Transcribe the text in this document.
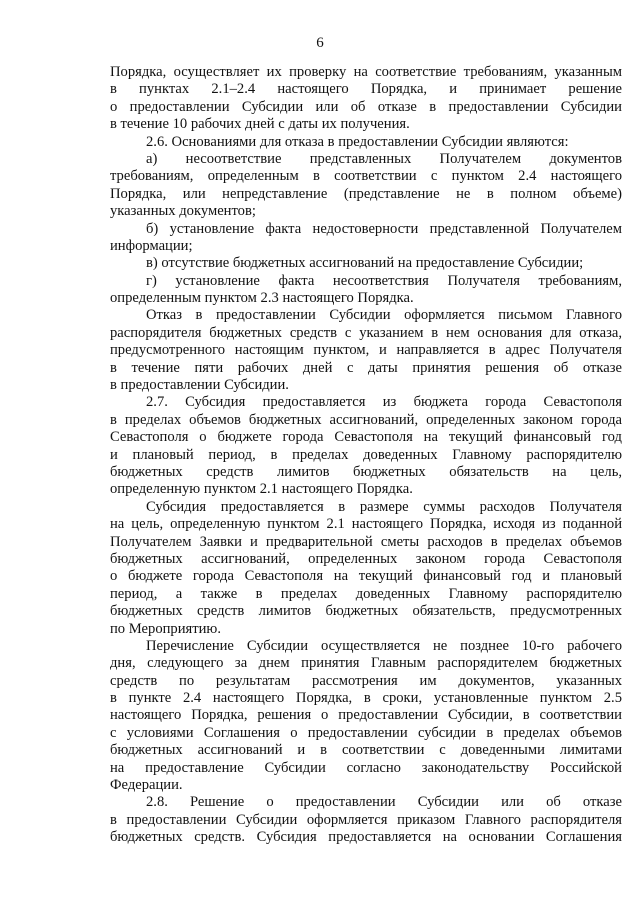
6
Порядка, осуществляет их проверку на соответствие требованиям, указанным
в пунктах 2.1–2.4 настоящего Порядка, и принимает решение
о предоставлении Субсидии или об отказе в предоставлении Субсидии
в течение 10 рабочих дней с даты их получения.
2.6. Основаниями для отказа в предоставлении Субсидии являются:
а) несоответствие представленных Получателем документов
требованиям, определенным в соответствии с пунктом 2.4 настоящего
Порядка, или непредставление (представление не в полном объеме)
указанных документов;
б) установление факта недостоверности представленной Получателем
информации;
в) отсутствие бюджетных ассигнований на предоставление Субсидии;
г) установление факта несоответствия Получателя требованиям,
определенным пунктом 2.3 настоящего Порядка.
Отказ в предоставлении Субсидии оформляется письмом Главного
распорядителя бюджетных средств с указанием в нем основания для отказа,
предусмотренного настоящим пунктом, и направляется в адрес Получателя
в течение пяти рабочих дней с даты принятия решения об отказе
в предоставлении Субсидии.
2.7. Субсидия предоставляется из бюджета города Севастополя
в пределах объемов бюджетных ассигнований, определенных законом города
Севастополя о бюджете города Севастополя на текущий финансовый год
и плановый период, в пределах доведенных Главному распорядителю
бюджетных средств лимитов бюджетных обязательств на цель,
определенную пунктом 2.1 настоящего Порядка.
Субсидия предоставляется в размере суммы расходов Получателя
на цель, определенную пунктом 2.1 настоящего Порядка, исходя из поданной
Получателем Заявки и предварительной сметы расходов в пределах объемов
бюджетных ассигнований, определенных законом города Севастополя
о бюджете города Севастополя на текущий финансовый год и плановый
период, а также в пределах доведенных Главному распорядителю
бюджетных средств лимитов бюджетных обязательств, предусмотренных
по Мероприятию.
Перечисление Субсидии осуществляется не позднее 10-го рабочего
дня, следующего за днем принятия Главным распорядителем бюджетных
средств по результатам рассмотрения им документов, указанных
в пункте 2.4 настоящего Порядка, в сроки, установленные пунктом 2.5
настоящего Порядка, решения о предоставлении Субсидии, в соответствии
с условиями Соглашения о предоставлении субсидии в пределах объемов
бюджетных ассигнований и в соответствии с доведенными лимитами
на предоставление Субсидии согласно законодательству Российской
Федерации.
2.8. Решение о предоставлении Субсидии или об отказе
в предоставлении Субсидии оформляется приказом Главного распорядителя
бюджетных средств. Субсидия предоставляется на основании Соглашения
